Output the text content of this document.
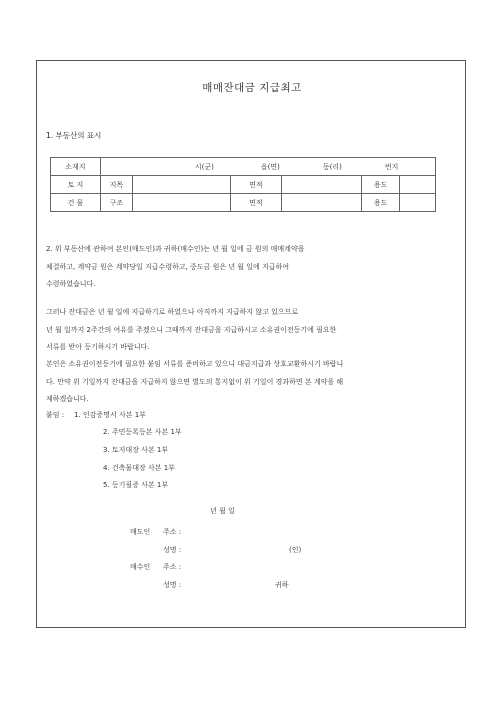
매매잔대금 지급최고
1. 부동산의 표시
소재지	시(군) 읍(면) 동(리) 번지					

토 지	지목		면적		용도	
건 물	구조		면적		용도	

2. 위 부동산에 관하여 본인(매도인)과 귀하(매수인)는 년 월 일에 금 원의 매매계약을

체결하고, 계약금 원은 계약당일 지급수령하고, 중도금 원은 년 월 일에 지급하여

수령하였습니다.

그러나 잔대금은 년 월 일에 지급하기로 하였으나 아직까지 지급하지 않고 있으므로

년 월 일까지 2주간의 여유를 주겠으니 그때까지 잔대금을 지급하시고 소유권이전등기에 필요한

서류를 받아 등기하시기 바랍니다.

본인은 소유권이전등기에 필요한 붙임 서류를 준비하고 있으니 대금지급과 상호교환하시기 바랍니

다. 만약 위 기일까지 잔대금을 지급하지 않으면 별도의 통지없이 위 기일이 경과하면 본 계약을 해

제하겠습니다.

붙임 : 1. 인감증명서 사본 1부
2. 주민등록등본 사본 1부
3. 토지대장 사본 1부
4. 건축물대장 사본 1부
5. 등기필증 사본 1부
년 월 일
매도인 주소 :
성명 :	(인)
매수인 주소 :
성명 :	귀하
